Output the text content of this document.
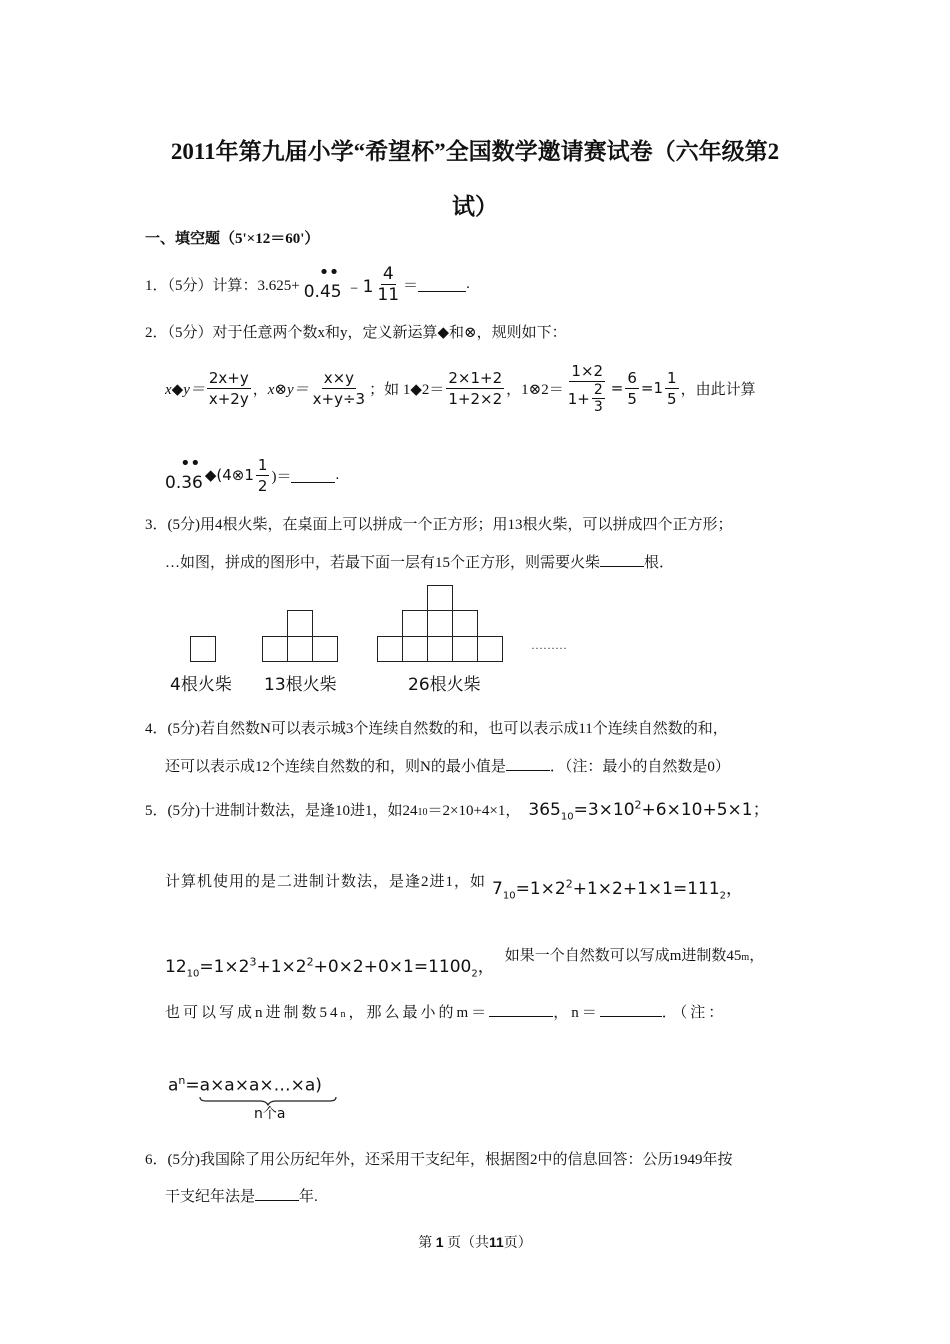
2011年第九届小学“希望杯”全国数学邀请赛试卷（六年级第2
试）
一、填空题（5'×12＝60'）
1．（5分）计算：3.625+ 0.45
• •
﹣1 $\frac{4}{11}$ ＝	.
2．（5分）对于任意两个数x和y，定义新运算◆和⊗，规则如下：
x◆y＝ $\frac{2x+y}{x+2y}$ ， x⊗y＝ $\frac{x\times y}{x+y\div 3}$ ；如 1◆2＝ $\frac{2\times 1+2}{1+2\times 2}$ ，1⊗2＝ $\frac{1\times 2}{1+ \frac{2}{3}} = \frac{6}{5} =1 \frac{1}{5}$ ，由此计算
0.36
• •
◆(4⊗1 $\frac{1}{2}$ )＝	.
3．(5分)用4根火柴，在桌面上可以拼成一个正方形；用13根火柴，可以拼成四个正方形；
…如图，拼成的图形中，若最下面一层有15个正方形，则需要火柴	根．
………
4根火柴 13根火柴	26根火柴
4．(5分)若自然数N可以表示城3个连续自然数的和，也可以表示成11个连续自然数的和，
还可以表示成12个连续自然数的和，则N的最小值是	．（注：最小的自然数是0）
5．(5分)十进制计数法，是逢10进1，如$24_{10} =2\times 10+4\times 1$， $365_{10}=3\times 10^2+6\times 10+5\times 1$；
计算机使用的是二进制计数法，是逢2进1，如 $7_{10}=1\times 2^2+1\times 2+1\times 1=111_2$，
$12_{10}=1\times 2^3+1\times 2^2+0\times 2+0\times 1=1100_2$，
如果一个自然数可以写成m进制数$45_m$ ，
也可以写成n进制数$54_n$ ，那么最小的m＝	，n＝	．（注：
$a^n=a\times a\times a\times\dots\times a$)
n个a
6．(5分)我国除了用公历纪年外，还采用干支纪年，根据图2中的信息回答：公历1949年按
干支纪年法是	年.
第 1 页（共11页）
